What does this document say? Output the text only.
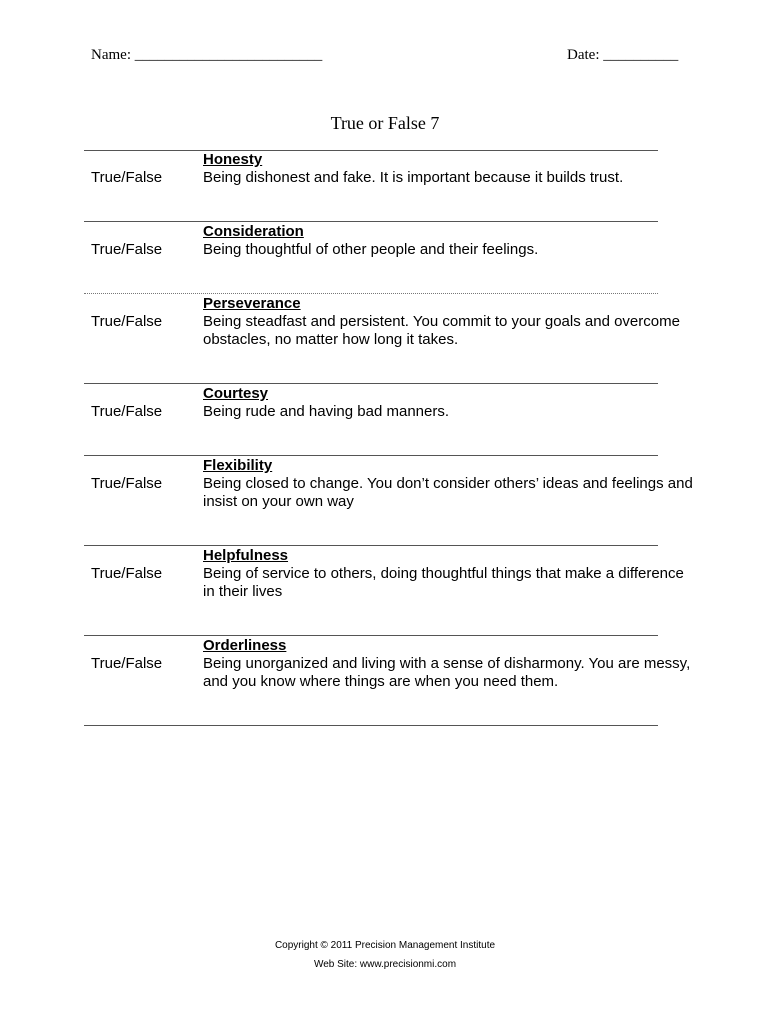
Name: _________________________	Date: __________
True or False 7
True/False
Honesty
Being dishonest and fake. It is important because it builds trust.
True/False
Consideration
Being thoughtful of other people and their feelings.
True/False
Perseverance
Being steadfast and persistent. You commit to your goals and overcome obstacles, no matter how long it takes.
True/False
Courtesy
Being rude and having bad manners.
True/False
Flexibility
Being closed to change. You don’t consider others’ ideas and feelings and insist on your own way
True/False
Helpfulness
Being of service to others, doing thoughtful things that make a difference in their lives
True/False
Orderliness
Being unorganized and living with a sense of disharmony. You are messy, and you know where things are when you need them.
Copyright © 2011 Precision Management Institute
Web Site: www.precisionmi.com
